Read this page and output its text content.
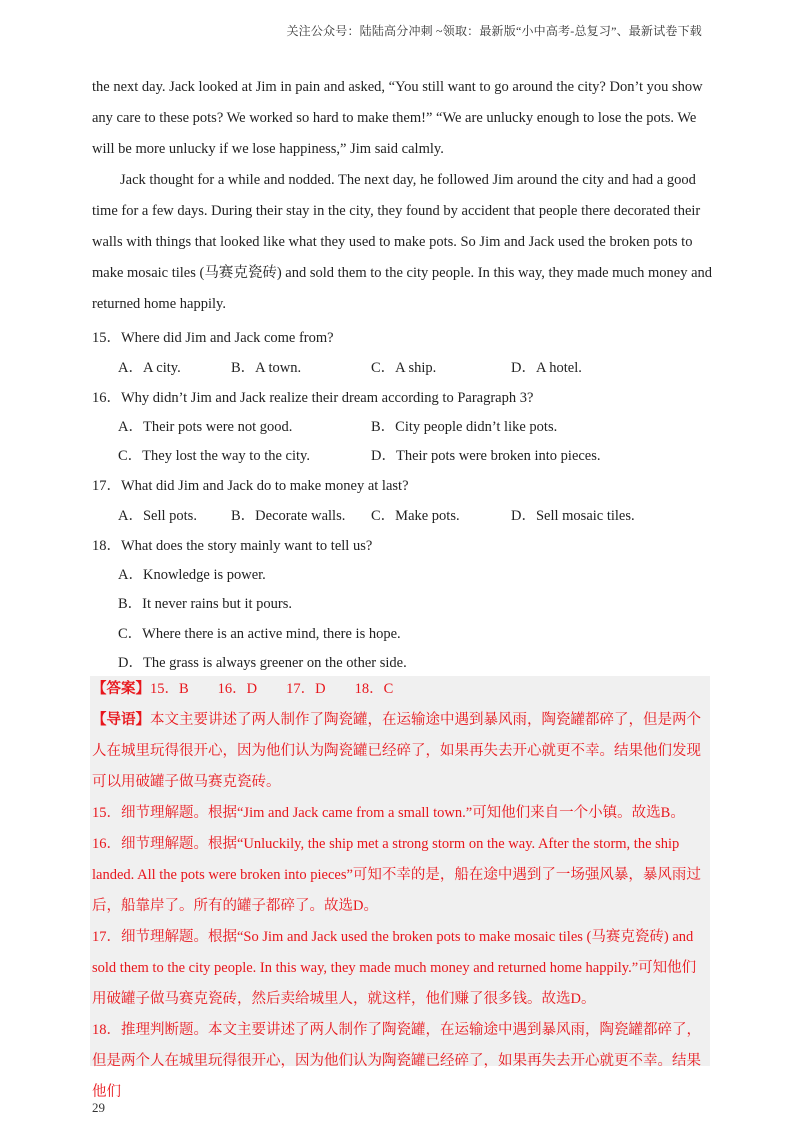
关注公众号：陆陆高分冲刺 ~领取：最新版“小中高考-总复习”、最新试卷下载

the next day. Jack looked at Jim in pain and asked, “You still want to go around the city? Don’t you show any care to these pots? We worked so hard to make them!” “We are unlucky enough to lose the pots. We will be more unlucky if we lose happiness,” Jim said calmly.

Jack thought for a while and nodded. The next day, he followed Jim around the city and had a good time for a few days. During their stay in the city, they found by accident that people there decorated their walls with things that looked like what they used to make pots. So Jim and Jack used the broken pots to make mosaic tiles (马赛克瓷砖) and sold them to the city people. In this way, they made much money and returned home happily.

15．Where did Jim and Jack come from?
A．A city.	B．A town.	C．A ship.	D．A hotel.
16．Why didn’t Jim and Jack realize their dream according to Paragraph 3?
A．Their pots were not good.	B．City people didn’t like pots.
C．They lost the way to the city.	D．Their pots were broken into pieces.
17．What did Jim and Jack do to make money at last?
A．Sell pots. B．Decorate walls. C．Make pots.	D．Sell mosaic tiles.
18．What does the story mainly want to tell us?
A．Knowledge is power.
B．It never rains but it pours.
C．Where there is an active mind, there is hope.
D．The grass is always greener on the other side.
【答案】15．B　　16．D　　17．D　　18．C
【导语】本文主要讲述了两人制作了陶瓷罐，在运输途中遇到暴风雨，陶瓷罐都碎了，但是两个人在城里玩得很开心，因为他们认为陶瓷罐已经碎了，如果再失去开心就更不幸。结果他们发现可以用破罐子做马赛克瓷砖。
15．细节理解题。根据“Jim and Jack came from a small town.”可知他们来自一个小镇。故选B。
16．细节理解题。根据“Unluckily, the ship met a strong storm on the way. After the storm, the ship landed. All the pots were broken into pieces”可知不幸的是，船在途中遇到了一场强风暴，暴风雨过后，船靠岸了。所有的罐子都碎了。故选D。
17．细节理解题。根据“So Jim and Jack used the broken pots to make mosaic tiles (马赛克瓷砖) and sold them to the city people. In this way, they made much money and returned home happily.”可知他们用破罐子做马赛克瓷砖，然后卖给城里人，就这样，他们赚了很多钱。故选D。
18．推理判断题。本文主要讲述了两人制作了陶瓷罐，在运输途中遇到暴风雨，陶瓷罐都碎了，但是两个人在城里玩得很开心，因为他们认为陶瓷罐已经碎了，如果再失去开心就更不幸。结果他们
29
